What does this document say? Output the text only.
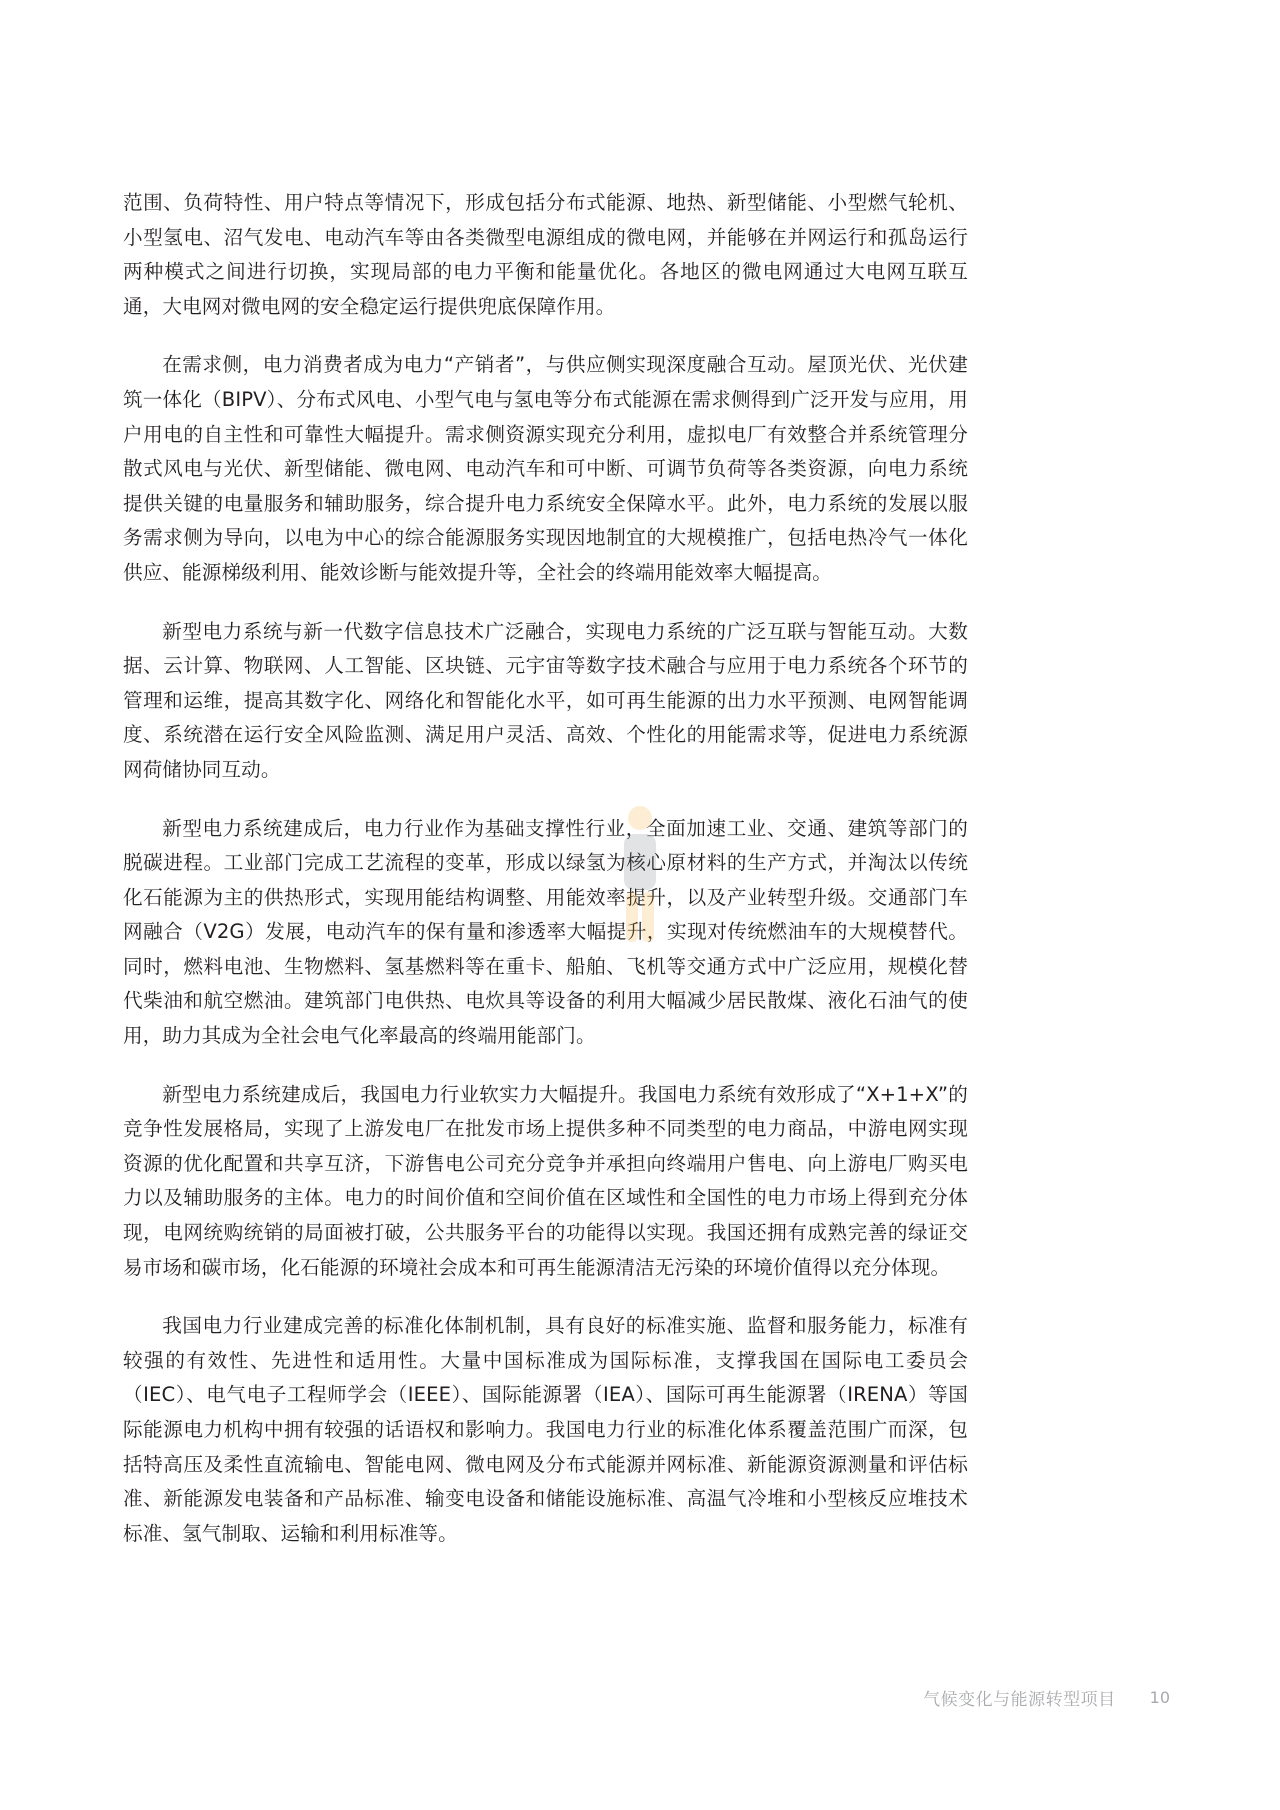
范围、负荷特性、用户特点等情况下，形成包括分布式能源、地热、新型储能、小型燃气轮机、小型氢电、沼气发电、电动汽车等由各类微型电源组成的微电网，并能够在并网运行和孤岛运行两种模式之间进行切换，实现局部的电力平衡和能量优化。各地区的微电网通过大电网互联互通，大电网对微电网的安全稳定运行提供兜底保障作用。

在需求侧，电力消费者成为电力“产销者”，与供应侧实现深度融合互动。屋顶光伏、光伏建筑一体化（BIPV）、分布式风电、小型气电与氢电等分布式能源在需求侧得到广泛开发与应用，用户用电的自主性和可靠性大幅提升。需求侧资源实现充分利用，虚拟电厂有效整合并系统管理分散式风电与光伏、新型储能、微电网、电动汽车和可中断、可调节负荷等各类资源，向电力系统提供关键的电量服务和辅助服务，综合提升电力系统安全保障水平。此外，电力系统的发展以服务需求侧为导向，以电为中心的综合能源服务实现因地制宜的大规模推广，包括电热冷气一体化供应、能源梯级利用、能效诊断与能效提升等，全社会的终端用能效率大幅提高。

新型电力系统与新一代数字信息技术广泛融合，实现电力系统的广泛互联与智能互动。大数据、云计算、物联网、人工智能、区块链、元宇宙等数字技术融合与应用于电力系统各个环节的管理和运维，提高其数字化、网络化和智能化水平，如可再生能源的出力水平预测、电网智能调度、系统潜在运行安全风险监测、满足用户灵活、高效、个性化的用能需求等，促进电力系统源网荷储协同互动。

新型电力系统建成后，电力行业作为基础支撑性行业，全面加速工业、交通、建筑等部门的脱碳进程。工业部门完成工艺流程的变革，形成以绿氢为核心原材料的生产方式，并淘汰以传统化石能源为主的供热形式，实现用能结构调整、用能效率提升，以及产业转型升级。交通部门车网融合（V2G）发展，电动汽车的保有量和渗透率大幅提升，实现对传统燃油车的大规模替代。同时，燃料电池、生物燃料、氢基燃料等在重卡、船舶、飞机等交通方式中广泛应用，规模化替代柴油和航空燃油。建筑部门电供热、电炊具等设备的利用大幅减少居民散煤、液化石油气的使用，助力其成为全社会电气化率最高的终端用能部门。

新型电力系统建成后，我国电力行业软实力大幅提升。我国电力系统有效形成了“X+1+X”的竞争性发展格局，实现了上游发电厂在批发市场上提供多种不同类型的电力商品，中游电网实现资源的优化配置和共享互济，下游售电公司充分竞争并承担向终端用户售电、向上游电厂购买电力以及辅助服务的主体。电力的时间价值和空间价值在区域性和全国性的电力市场上得到充分体现，电网统购统销的局面被打破，公共服务平台的功能得以实现。我国还拥有成熟完善的绿证交易市场和碳市场，化石能源的环境社会成本和可再生能源清洁无污染的环境价值得以充分体现。

我国电力行业建成完善的标准化体制机制，具有良好的标准实施、监督和服务能力，标准有较强的有效性、先进性和适用性。大量中国标准成为国际标准，支撑我国在国际电工委员会（IEC）、电气电子工程师学会（IEEE）、国际能源署（IEA）、国际可再生能源署（IRENA）等国际能源电力机构中拥有较强的话语权和影响力。我国电力行业的标准化体系覆盖范围广而深，包括特高压及柔性直流输电、智能电网、微电网及分布式能源并网标准、新能源资源测量和评估标准、新能源发电装备和产品标准、输变电设备和储能设施标准、高温气冷堆和小型核反应堆技术标准、氢气制取、运输和利用标准等。

气候变化与能源转型项目 10
